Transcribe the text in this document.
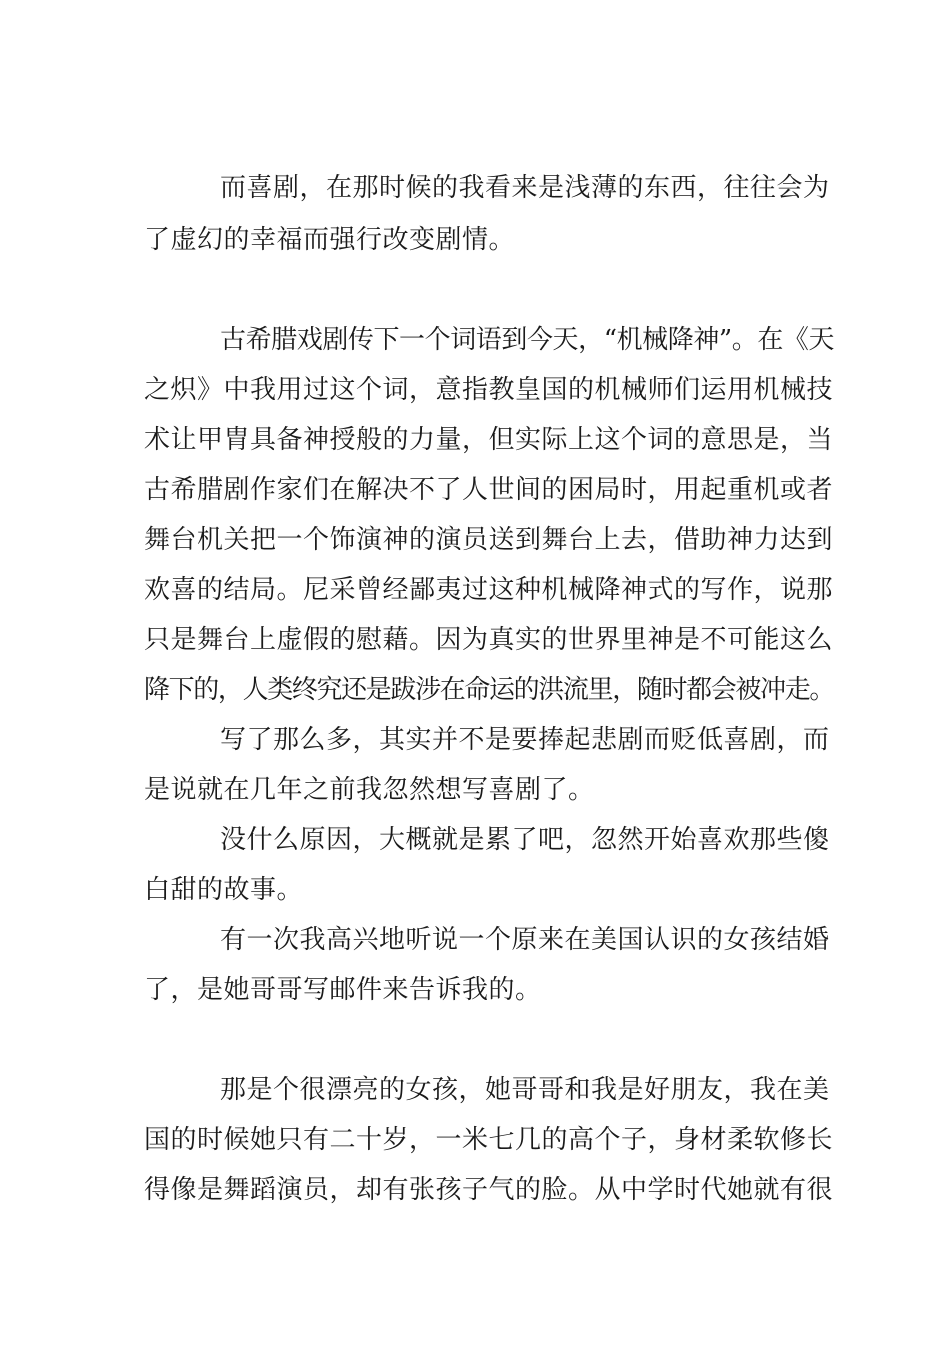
而喜剧，在那时候的我看来是浅薄的东西，往往会为
了虚幻的幸福而强行改变剧情。
古希腊戏剧传下一个词语到今天，“机械降神”。在《天
之炽》中我用过这个词，意指教皇国的机械师们运用机械技
术让甲胄具备神授般的力量，但实际上这个词的意思是，当
古希腊剧作家们在解决不了人世间的困局时，用起重机或者
舞台机关把一个饰演神的演员送到舞台上去，借助神力达到
欢喜的结局。尼采曾经鄙夷过这种机械降神式的写作，说那
只是舞台上虚假的慰藉。因为真实的世界里神是不可能这么
降下的，人类终究还是跋涉在命运的洪流里，随时都会被冲走。
写了那么多，其实并不是要捧起悲剧而贬低喜剧，而
是说就在几年之前我忽然想写喜剧了。
没什么原因，大概就是累了吧，忽然开始喜欢那些傻
白甜的故事。
有一次我高兴地听说一个原来在美国认识的女孩结婚
了，是她哥哥写邮件来告诉我的。
那是个很漂亮的女孩，她哥哥和我是好朋友，我在美
国的时候她只有二十岁，一米七几的高个子，身材柔软修长
得像是舞蹈演员，却有张孩子气的脸。从中学时代她就有很
